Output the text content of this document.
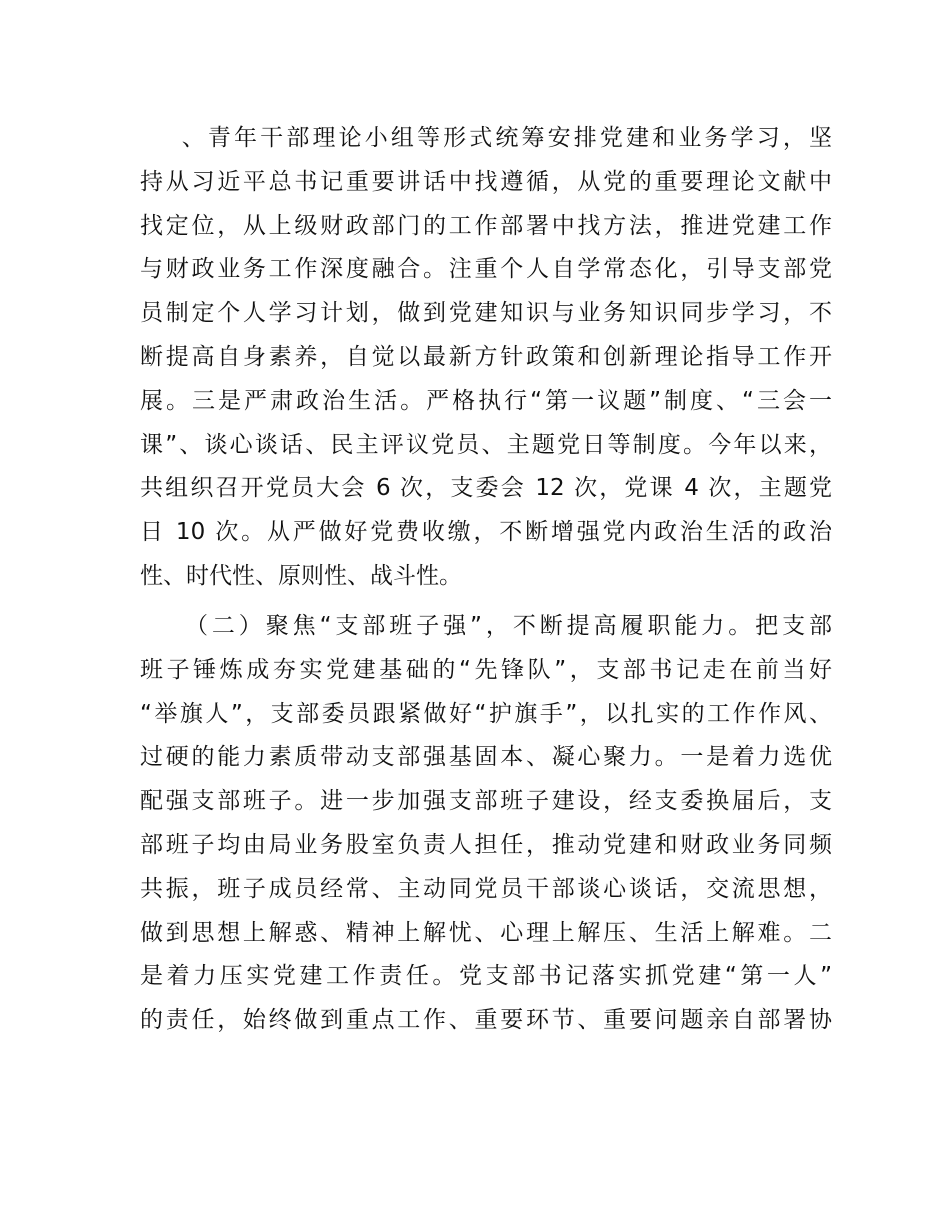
、青年干部理论小组等形式统筹安排党建和业务学习，坚
持从习近平总书记重要讲话中找遵循，从党的重要理论文献中
找定位，从上级财政部门的工作部署中找方法，推进党建工作
与财政业务工作深度融合。注重个人自学常态化，引导支部党
员制定个人学习计划，做到党建知识与业务知识同步学习，不
断提高自身素养，自觉以最新方针政策和创新理论指导工作开
展。三是严肃政治生活。严格执行“第一议题”制度、“三会一
课”、谈心谈话、民主评议党员、主题党日等制度。今年以来，
共组织召开党员大会 6 次，支委会 12 次，党课 4 次，主题党
日 10 次。从严做好党费收缴，不断增强党内政治生活的政治
性、时代性、原则性、战斗性。
（二）聚焦“支部班子强”，不断提高履职能力。把支部
班子锤炼成夯实党建基础的“先锋队”，支部书记走在前当好
“举旗人”，支部委员跟紧做好“护旗手”，以扎实的工作作风、
过硬的能力素质带动支部强基固本、凝心聚力。一是着力选优
配强支部班子。进一步加强支部班子建设，经支委换届后，支
部班子均由局业务股室负责人担任，推动党建和财政业务同频
共振，班子成员经常、主动同党员干部谈心谈话，交流思想，
做到思想上解惑、精神上解忧、心理上解压、生活上解难。二
是着力压实党建工作责任。党支部书记落实抓党建“第一人”
的责任，始终做到重点工作、重要环节、重要问题亲自部署协
